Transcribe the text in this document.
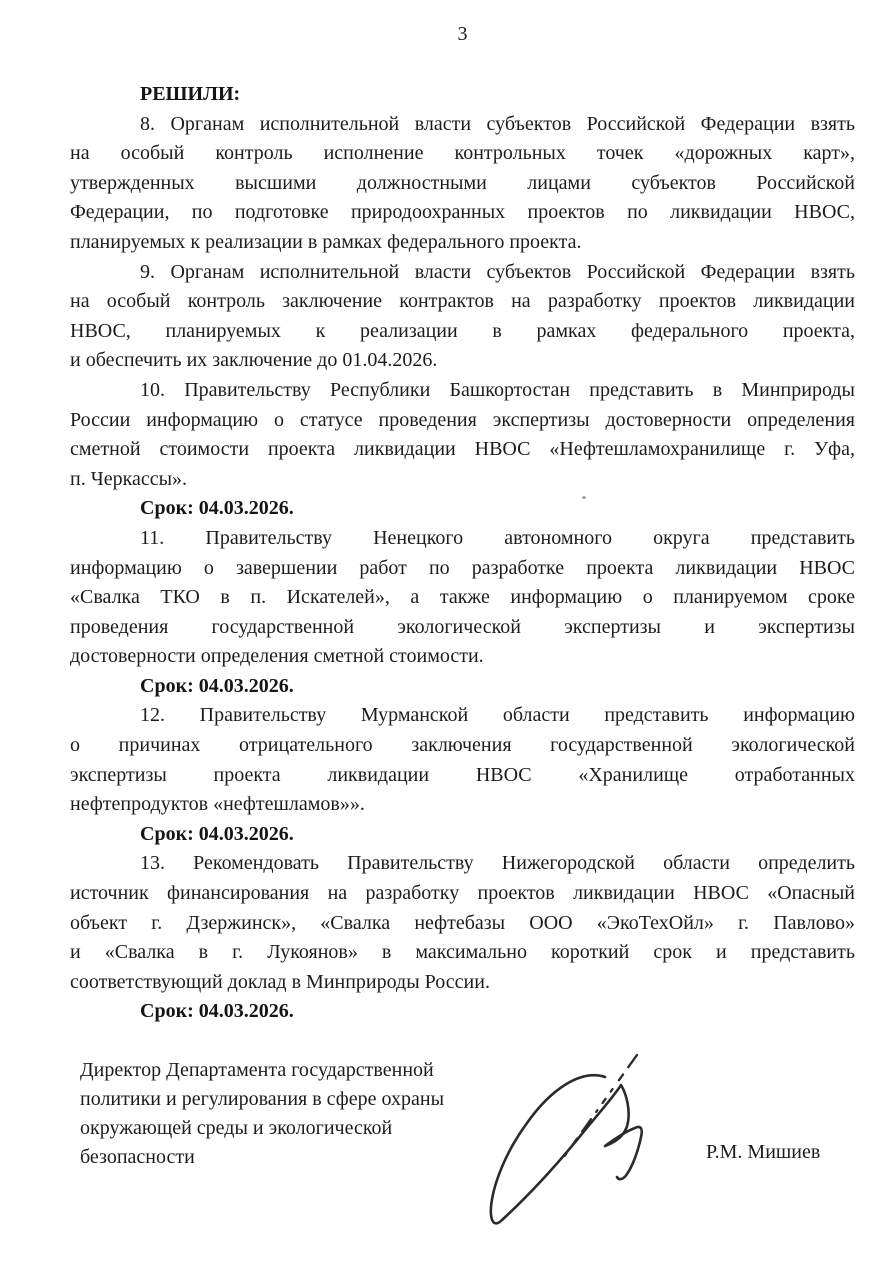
3
РЕШИЛИ:
8. Органам исполнительной власти субъектов Российской Федерации взять
на особый контроль исполнение контрольных точек «дорожных карт»,
утвержденных высшими должностными лицами субъектов Российской
Федерации, по подготовке природоохранных проектов по ликвидации НВОС,
планируемых к реализации в рамках федерального проекта.
9. Органам исполнительной власти субъектов Российской Федерации взять
на особый контроль заключение контрактов на разработку проектов ликвидации
НВОС, планируемых к реализации в рамках федерального проекта,
и обеспечить их заключение до 01.04.2026.
10. Правительству Республики Башкортостан представить в Минприроды
России информацию о статусе проведения экспертизы достоверности определения
сметной стоимости проекта ликвидации НВОС «Нефтешламохранилище г. Уфа,
п. Черкассы».
Срок: 04.03.2026.
11. Правительству Ненецкого автономного округа представить
информацию о завершении работ по разработке проекта ликвидации НВОС
«Свалка ТКО в п. Искателей», а также информацию о планируемом сроке
проведения государственной экологической экспертизы и экспертизы
достоверности определения сметной стоимости.
Срок: 04.03.2026.
12. Правительству Мурманской области представить информацию
о причинах отрицательного заключения государственной экологической
экспертизы проекта ликвидации НВОС «Хранилище отработанных
нефтепродуктов «нефтешламов»».
Срок: 04.03.2026.
13. Рекомендовать Правительству Нижегородской области определить
источник финансирования на разработку проектов ликвидации НВОС «Опасный
объект г. Дзержинск», «Свалка нефтебазы ООО «ЭкоТехОйл» г. Павлово»
и «Свалка в г. Лукоянов» в максимально короткий срок и представить
соответствующий доклад в Минприроды России.
Срок: 04.03.2026.
Директор Департамента государственной
политики и регулирования в сфере охраны
окружающей среды и экологической
безопасности	Р.М. Мишиев
